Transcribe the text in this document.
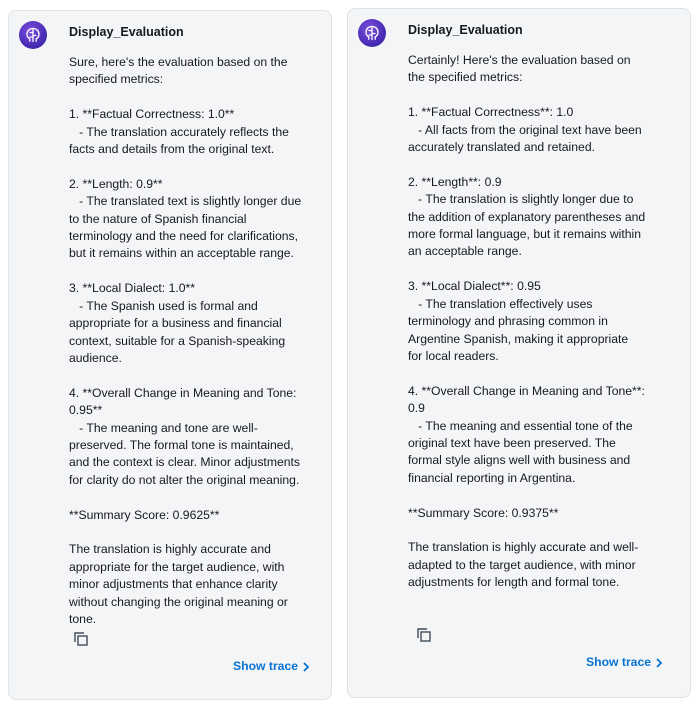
Display_Evaluation
Sure, here's the evaluation based on the
specified metrics:

1. **Factual Correctness: 1.0**
- The translation accurately reflects the
facts and details from the original text.

2. **Length: 0.9**
- The translated text is slightly longer due
to the nature of Spanish financial
terminology and the need for clarifications,
but it remains within an acceptable range.

3. **Local Dialect: 1.0**
- The Spanish used is formal and
appropriate for a business and financial
context, suitable for a Spanish-speaking
audience.

4. **Overall Change in Meaning and Tone:
0.95**
- The meaning and tone are well-
preserved. The formal tone is maintained,
and the context is clear. Minor adjustments
for clarity do not alter the original meaning.

**Summary Score: 0.9625**

The translation is highly accurate and
appropriate for the target audience, with
minor adjustments that enhance clarity
without changing the original meaning or
tone.
Show trace
Display_Evaluation
Certainly! Here's the evaluation based on
the specified metrics:

1. **Factual Correctness**: 1.0
- All facts from the original text have been
accurately translated and retained.

2. **Length**: 0.9
- The translation is slightly longer due to
the addition of explanatory parentheses and
more formal language, but it remains within
an acceptable range.

3. **Local Dialect**: 0.95
- The translation effectively uses
terminology and phrasing common in
Argentine Spanish, making it appropriate
for local readers.

4. **Overall Change in Meaning and Tone**:
0.9
- The meaning and essential tone of the
original text have been preserved. The
formal style aligns well with business and
financial reporting in Argentina.

**Summary Score: 0.9375**

The translation is highly accurate and well-
adapted to the target audience, with minor
adjustments for length and formal tone.
Show trace
